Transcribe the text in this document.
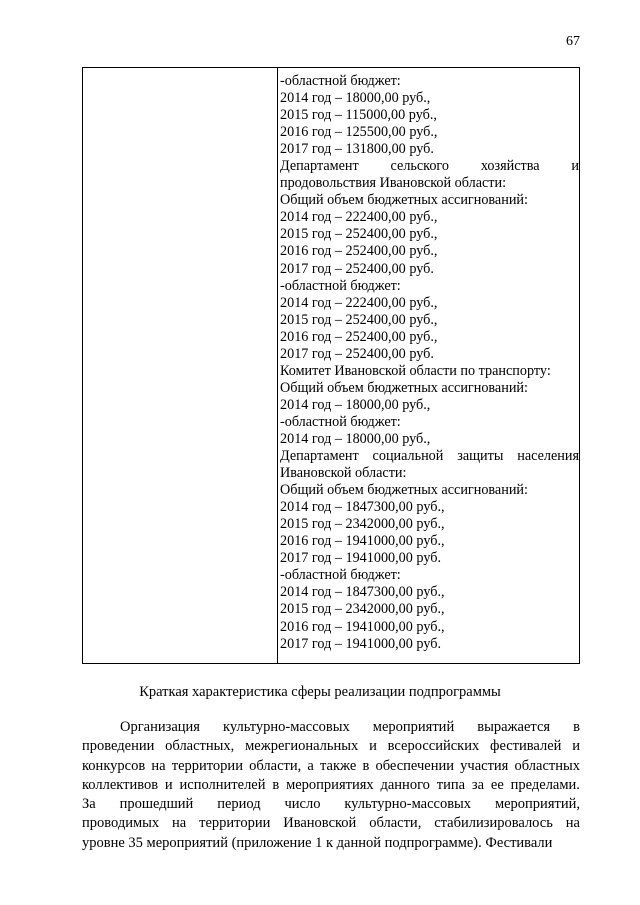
67
-областной бюджет:
2014 год – 18000,00 руб.,
2015 год – 115000,00 руб.,
2016 год – 125500,00 руб.,
2017 год – 131800,00 руб.
Департамент сельского хозяйства и
продовольствия Ивановской области:
Общий объем бюджетных ассигнований:
2014 год – 222400,00 руб.,
2015 год – 252400,00 руб.,
2016 год – 252400,00 руб.,
2017 год – 252400,00 руб.
-областной бюджет:
2014 год – 222400,00 руб.,
2015 год – 252400,00 руб.,
2016 год – 252400,00 руб.,
2017 год – 252400,00 руб.
Комитет Ивановской области по транспорту:
Общий объем бюджетных ассигнований:
2014 год – 18000,00 руб.,
-областной бюджет:
2014 год – 18000,00 руб.,
Департамент социальной защиты населения
Ивановской области:
Общий объем бюджетных ассигнований:
2014 год – 1847300,00 руб.,
2015 год – 2342000,00 руб.,
2016 год – 1941000,00 руб.,
2017 год – 1941000,00 руб.
-областной бюджет:
2014 год – 1847300,00 руб.,
2015 год – 2342000,00 руб.,
2016 год – 1941000,00 руб.,
2017 год – 1941000,00 руб.
Краткая характеристика сферы реализации подпрограммы
Организация культурно-массовых мероприятий выражается в
проведении областных, межрегиональных и всероссийских фестивалей и
конкурсов на территории области, а также в обеспечении участия областных
коллективов и исполнителей в мероприятиях данного типа за ее пределами.
За прошедший период число культурно-массовых мероприятий,
проводимых на территории Ивановской области, стабилизировалось на
уровне 35 мероприятий (приложение 1 к данной подпрограмме). Фестивали
